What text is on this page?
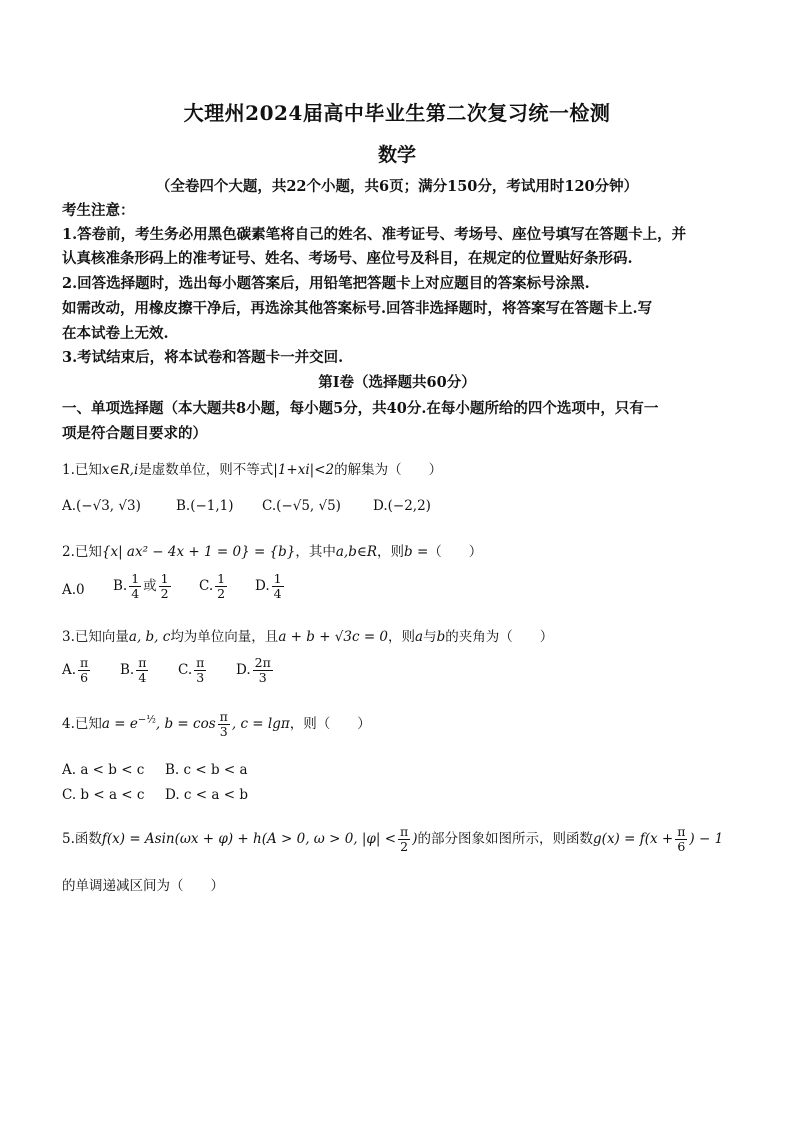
大理州2024届高中毕业生第二次复习统一检测
数学
（全卷四个大题，共22个小题，共6页；满分150分，考试用时120分钟）
考生注意：
1.答卷前，考生务必用黑色碳素笔将自己的姓名、准考证号、考场号、座位号填写在答题卡上，并
认真核准条形码上的准考证号、姓名、考场号、座位号及科目，在规定的位置贴好条形码.
2.回答选择题时，选出每小题答案后，用铅笔把答题卡上对应题目的答案标号涂黑.
如需改动，用橡皮擦干净后，再选涂其他答案标号.回答非选择题时，将答案写在答题卡上.写
在本试卷上无效.
3.考试结束后，将本试卷和答题卡一并交回.
第Ⅰ卷（选择题共60分）
一、单项选择题（本大题共8小题，每小题5分，共40分.在每小题所给的四个选项中，只有一
项是符合题目要求的）
1.已知x∈R,i是虚数单位，则不等式|1+xi|<2的解集为（　　）
A.(−√3, √3)	B.(−1,1) C.(−√5, √5) D.(−2,2)
2.已知{x| ax² − 4x + 1 = 0} = {b}，其中a,b∈R，则b =（　　）
A.0 B. $\frac{1}{4}$ 或 $\frac{1}{2} C$. $\frac{1}{2} D$. $\frac{1}{4}$
3.已知向量a, b, c均为单位向量，且a + b + √3c = 0，则a与b的夹角为（　　）
A. $\frac{\pi}{6} B$. $\frac{\pi}{4} C$. $\frac{\pi}{3} D$. $\frac{2\pi}{3}$
4.已知$a = e^{-\frac{1}{2}}$, $b = \cos \frac{\pi}{3}$ , c = lgπ，则（　　）
A. a < b < c B. c < b < a
C. b < a < c D. c < a < b
5.函数f(x) = Asin(ωx + φ) + h(A > 0, ω > 0, $|\varphi| < \frac{\pi}{2}$ )的部分图象如图所示，则函数$g(x) = f(x + \frac{\pi}{6}$ ) − 1
的单调递减区间为（　　）
